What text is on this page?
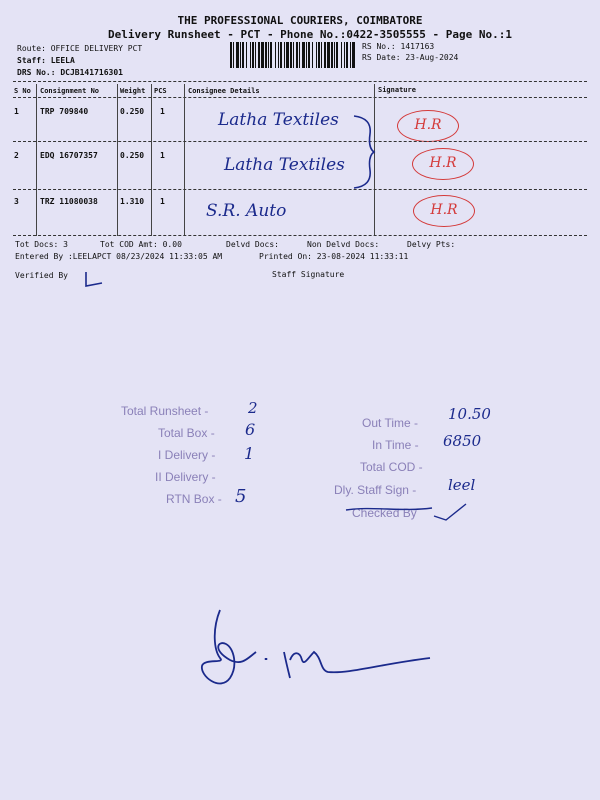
THE PROFESSIONAL COURIERS, COIMBATORE
Delivery Runsheet - PCT - Phone No.:0422-3505555 - Page No.:1
Route: OFFICE DELIVERY PCT
Staff: LEELA
DRS No.: DCJB141716301
RS No.: 1417163
RS Date: 23-Aug-2024
S No Consignment No	Weight PCS	Consignee Details	Signature
1	TRP 709840	0.250 1	Latha Textiles	H.R
2	EDQ 16707357	0.250 1	Latha Textiles	H.R
3	TRZ 11080038	1.310 1 S.R. Auto	H.R
Tot Docs: 3	Tot COD Amt: 0.00	Delvd Docs:	Non Delvd Docs:	Delvy Pts:
Entered By :LEELAPCT 08/23/2024 11:33:05 AM	Printed On: 23-08-2024 11:33:11
Verified By	Staff Signature
Total Runsheet -	2
Total Box - 6
I Delivery - 1
II Delivery -
RTN Box - 5
Out Time - 10.50
In Time - 6850
Total COD -
Dly. Staff Sign - leel
Checked By
